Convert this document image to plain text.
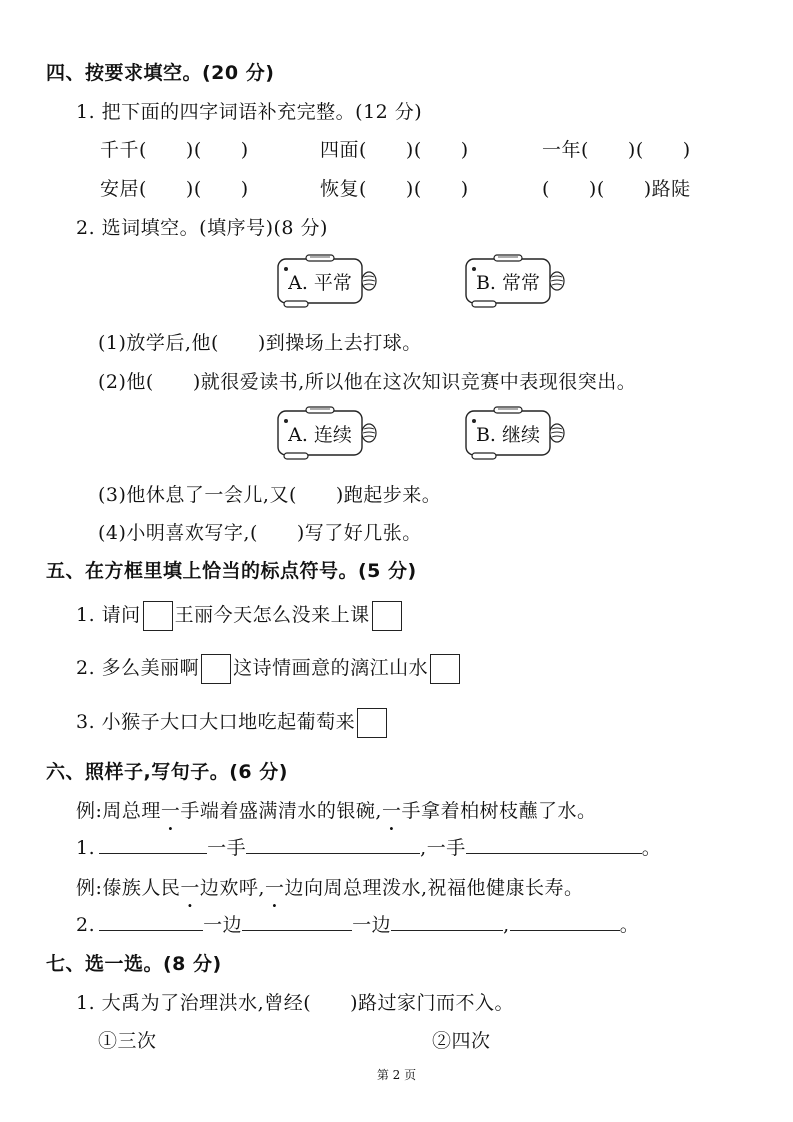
四、按要求填空。(20 分)
1. 把下面的四字词语补充完整。(12 分)
千千(　　)(　　)	四面(　　)(　　)	一年(　　)(　　)
安居(　　)(　　)	恢复(　　)(　　)	(　　)(　　)路陡
2. 选词填空。(填序号)(8 分)
A. 平常	B. 常常
(1)放学后,他(　　)到操场上去打球。
(2)他(　　)就很爱读书,所以他在这次知识竞赛中表现很突出。
A. 连续	B. 继续
(3)他休息了一会儿,又(　　)跑起步来。
(4)小明喜欢写字,(　　)写了好几张。
五、在方框里填上恰当的标点符号。(5 分)
1. 请问 王丽今天怎么没来上课
2. 多么美丽啊 这诗情画意的漓江山水
3. 小猴子大口大口地吃起葡萄来
六、照样子,写句子。(6 分)
例:周总理一手端着盛满清水的银碗,一手拿着柏树枝蘸了水。
1.	一手	,一手	。
例:傣族人民一边欢呼,一边向周总理泼水,祝福他健康长寿。
2.	一边	一边	,	。
七、选一选。(8 分)
1. 大禹为了治理洪水,曾经(　　)路过家门而不入。
①三次	②四次
第 2 页
